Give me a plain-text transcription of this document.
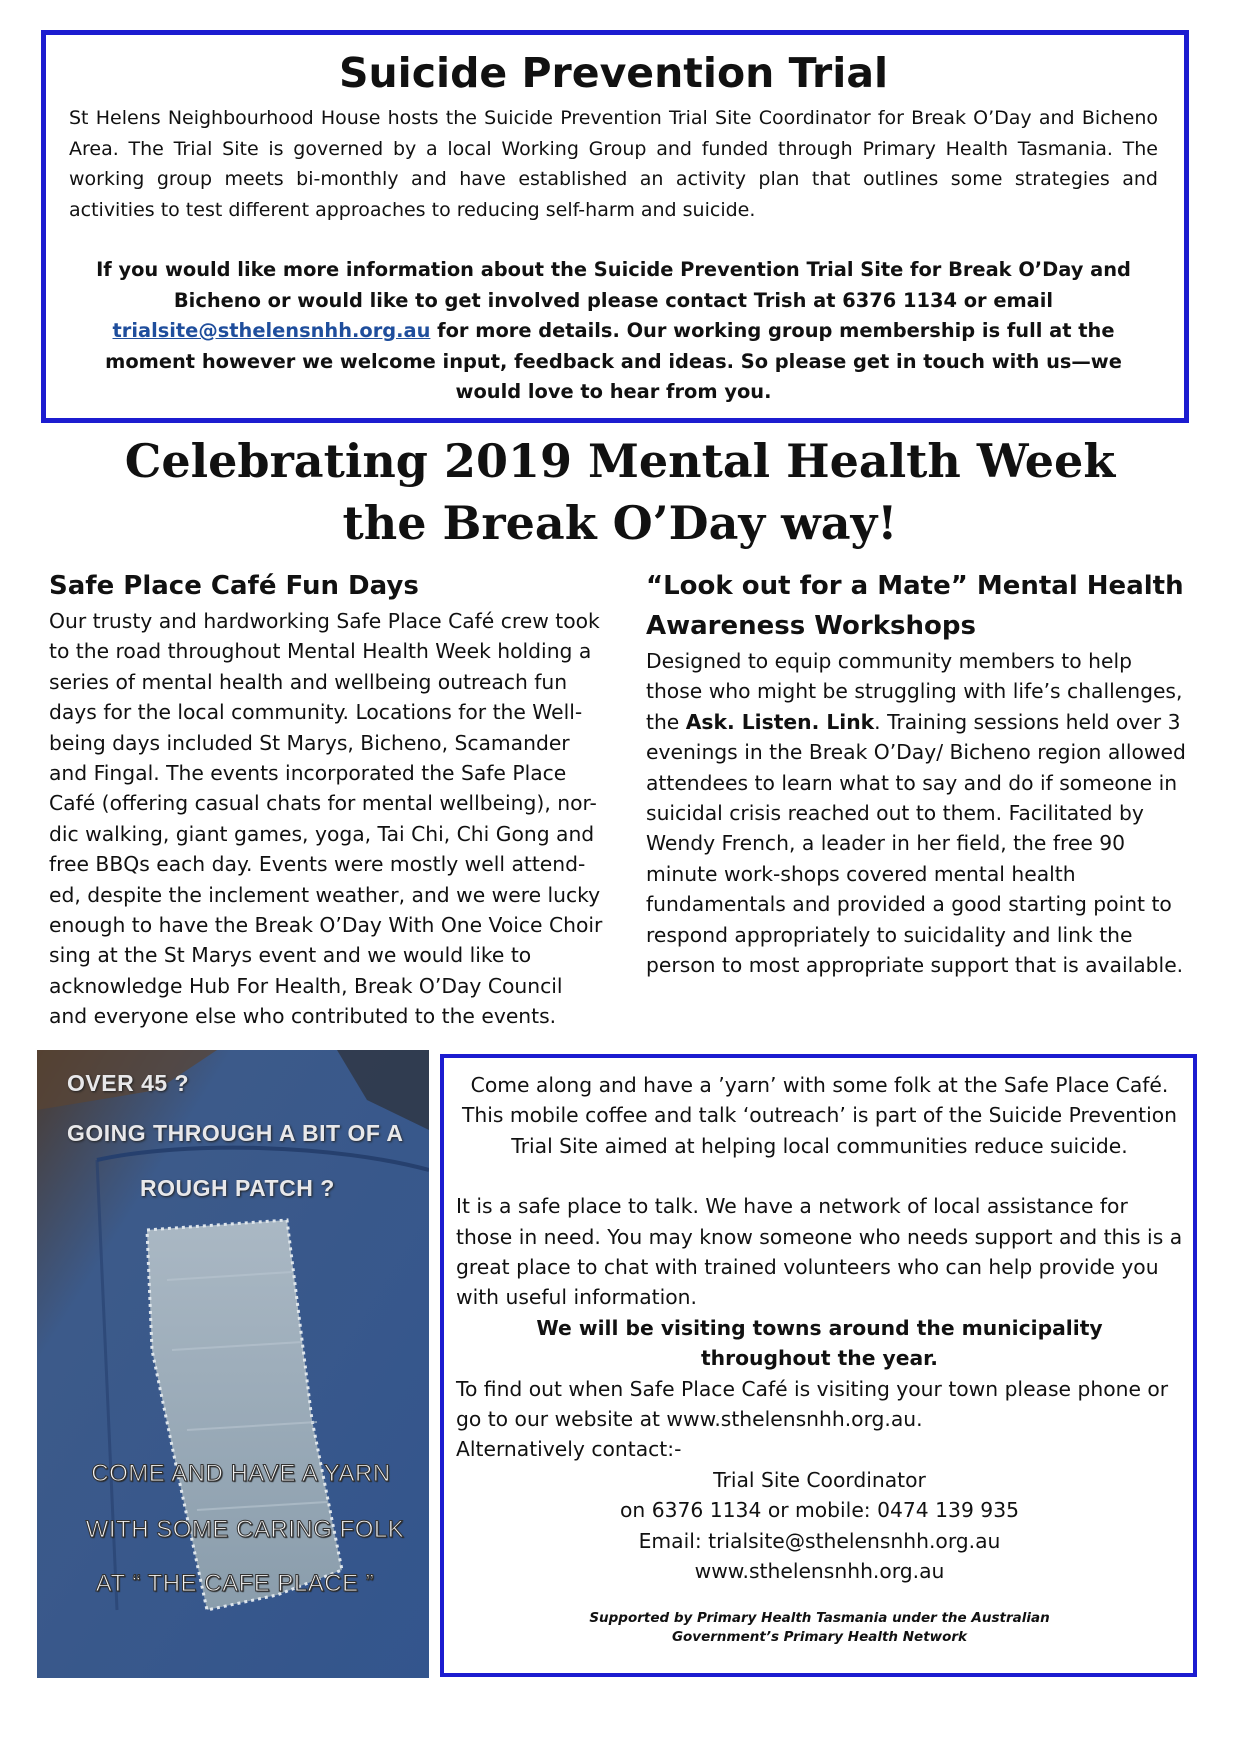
Suicide Prevention Trial

St Helens Neighbourhood House hosts the Suicide Prevention Trial Site Coordinator for Break O’Day and Bicheno Area. The Trial Site is governed by a local Working Group and funded through Primary Health Tasmania. The working group meets bi-monthly and have established an activity plan that outlines some strategies and activities to test different approaches to reducing self-harm and suicide.

If you would like more information about the Suicide Prevention Trial Site for Break O’Day and Bicheno or would like to get involved please contact Trish at 6376 1134 or email trialsite@sthelensnhh.org.au for more details. Our working group membership is full at the moment however we welcome input, feedback and ideas. So please get in touch with us—we would love to hear from you.

Celebrating 2019 Mental Health Week
the Break O’Day way!
Safe Place Café Fun Days

Our trusty and hardworking Safe Place Café crew took to the road throughout Mental Health Week holding a series of mental health and wellbeing outreach fun days for the local community. Locations for the Well-being days included St Marys, Bicheno, Scamander and Fingal. The events incorporated the Safe Place Café (offering casual chats for mental wellbeing), nor-dic walking, giant games, yoga, Tai Chi, Chi Gong and free BBQs each day. Events were mostly well attend-ed, despite the inclement weather, and we were lucky enough to have the Break O’Day With One Voice Choir sing at the St Marys event and we would like to acknowledge Hub For Health, Break O’Day Council and everyone else who contributed to the events.

“Look out for a Mate” Mental Health Awareness Workshops

Designed to equip community members to help those who might be struggling with life’s challenges, the Ask. Listen. Link. Training sessions held over 3 evenings in the Break O’Day/ Bicheno region allowed attendees to learn what to say and do if someone in suicidal crisis reached out to them. Facilitated by Wendy French, a leader in her field, the free 90 minute work-shops covered mental health fundamentals and provided a good starting point to respond appropriately to suicidality and link the person to most appropriate support that is available.

OVER 45 ?
GOING THROUGH A BIT OF A
ROUGH PATCH ?
COME AND HAVE A YARN
WITH SOME CARING FOLK
AT “ THE CAFE PLACE ”

Come along and have a ’yarn’ with some folk at the Safe Place Café. This mobile coffee and talk ‘outreach’ is part of the Suicide Prevention Trial Site aimed at helping local communities reduce suicide.

It is a safe place to talk. We have a network of local assistance for those in need. You may know someone who needs support and this is a great place to chat with trained volunteers who can help provide you with useful information.

We will be visiting towns around the municipality

throughout the year.

To find out when Safe Place Café is visiting your town please phone or go to our website at www.sthelensnhh.org.au.

Alternatively contact:-

Trial Site Coordinator

on 6376 1134 or mobile: 0474 139 935

Email: trialsite@sthelensnhh.org.au

www.sthelensnhh.org.au

Supported by Primary Health Tasmania under the Australian
Government’s Primary Health Network
